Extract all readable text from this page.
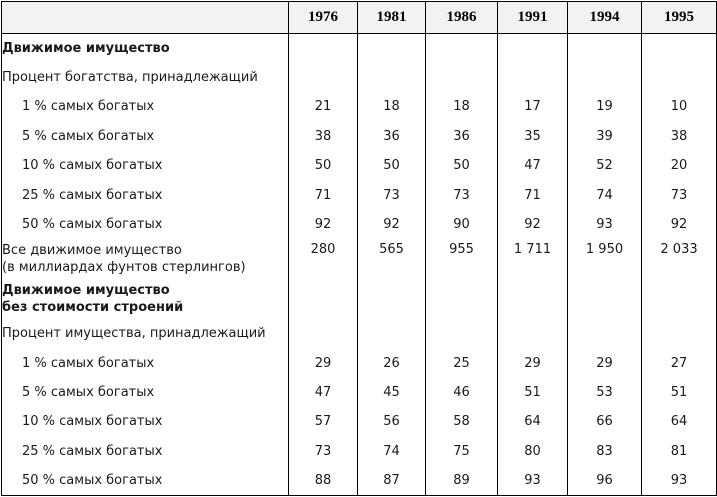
	1976	1981	1986	1991	1994	1995
Движимое имущество						
Процент богатства, принадлежащий						
1 % самых богатых	21	18	18	17	19	10
5 % самых богатых	38	36	36	35	39	38
10 % самых богатых	50	50	50	47	52	20
25 % самых богатых	71	73	73	71	74	73
50 % самых богатых	92	92	90	92	93	92

Все движимое имущество
(в миллиардах фунтов стерлингов)	280	565	955	1 711	1 950	2 033

Движимое имущество
без стоимости строений						

Процент имущества, принадлежащий						
1 % самых богатых	29	26	25	29	29	27
5 % самых богатых	47	45	46	51	53	51
10 % самых богатых	57	56	58	64	66	64
25 % самых богатых	73	74	75	80	83	81
50 % самых богатых	88	87	89	93	96	93
